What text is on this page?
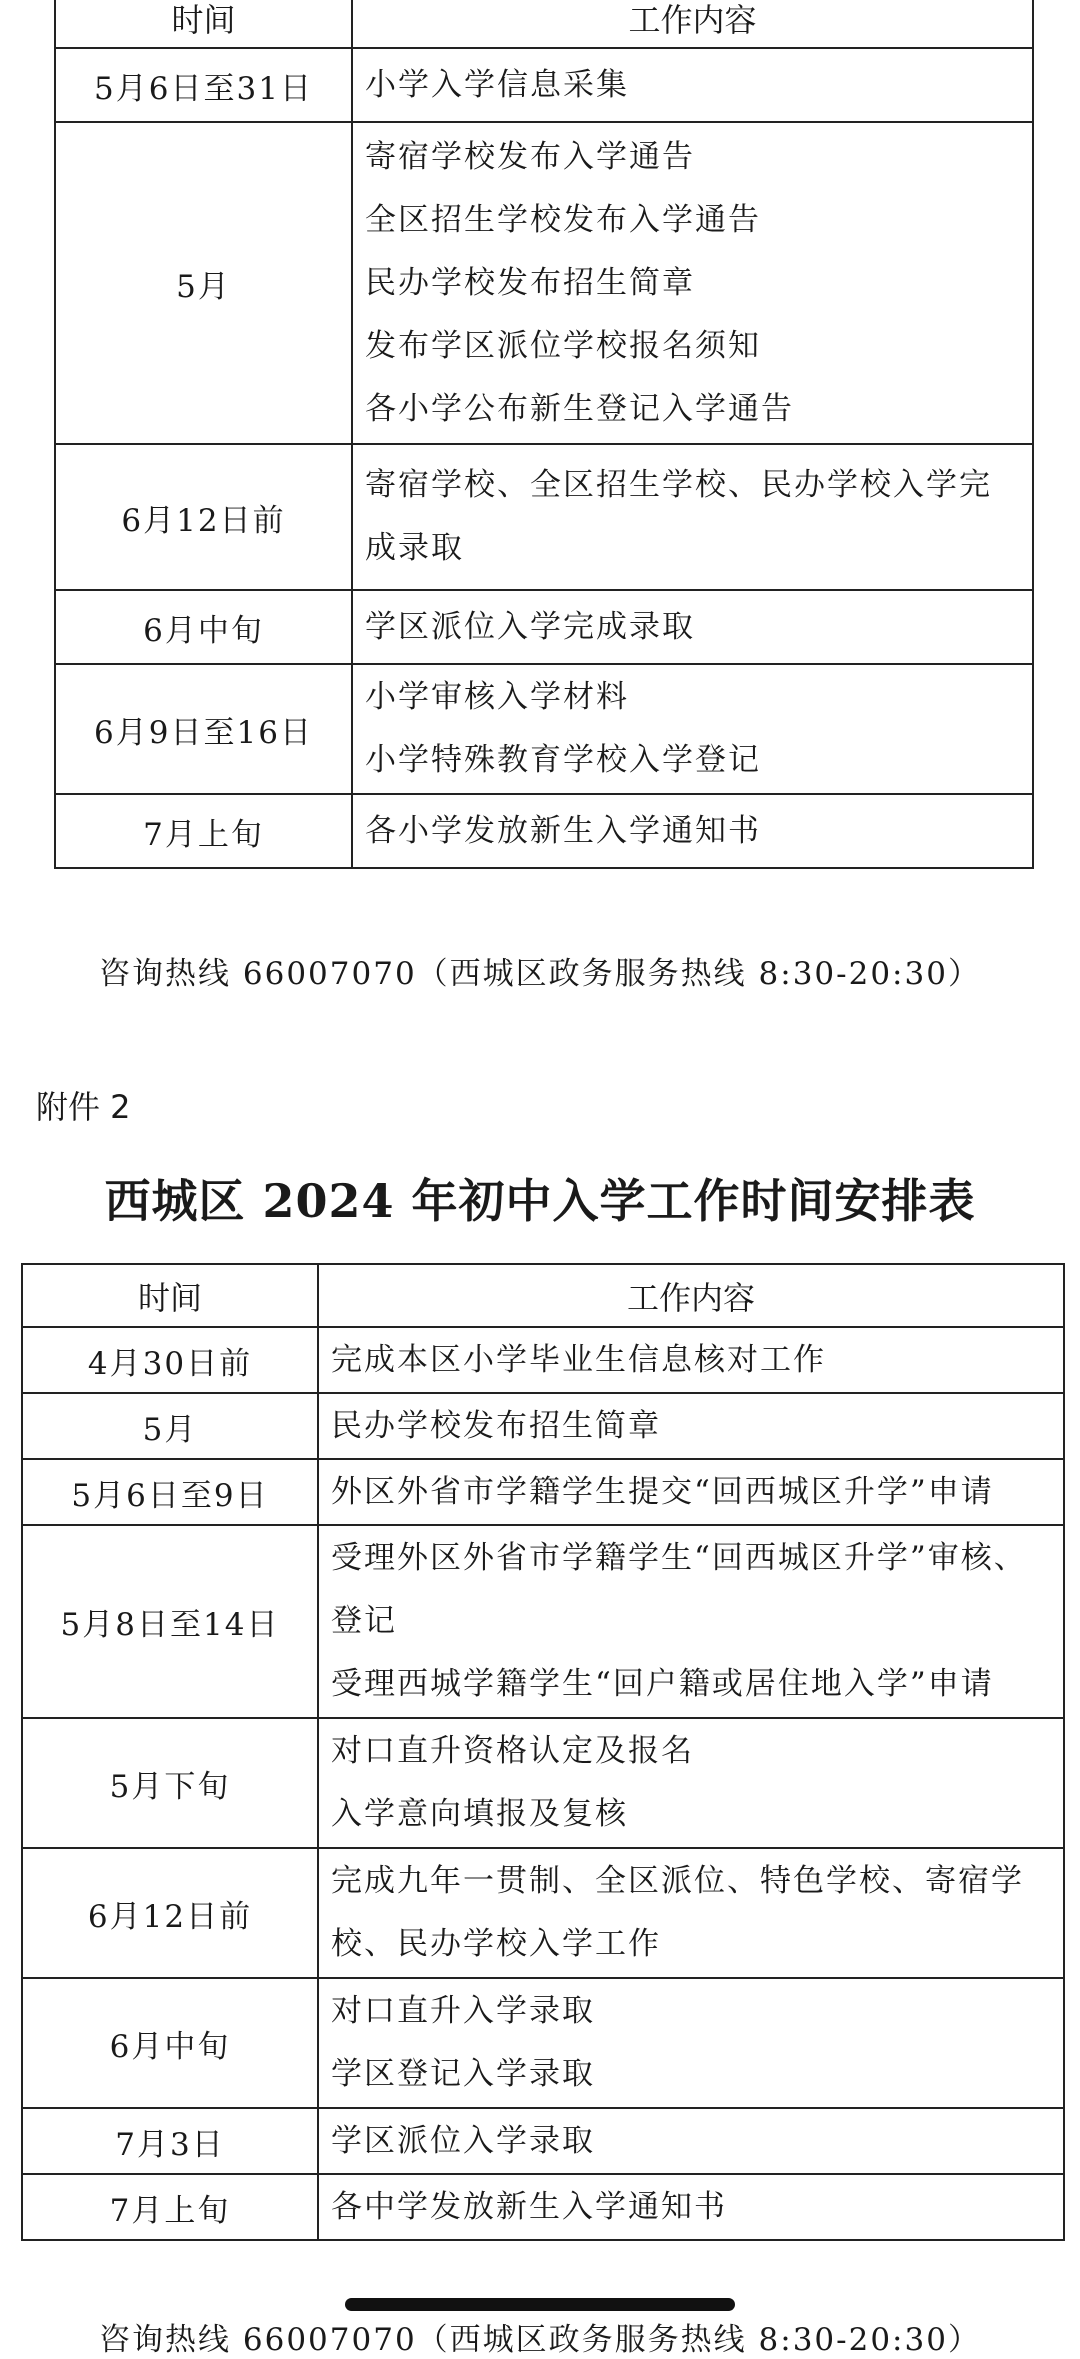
时间	工作内容
5月6日至31日	小学入学信息采集

5月	寄宿学校发布入学通告
全区招生学校发布入学通告
民办学校发布招生简章
发布学区派位学校报名须知
各小学公布新生登记入学通告

6月12日前	寄宿学校、全区招生学校、民办学校入学完
成录取

6月中旬	学区派位入学完成录取

6月9日至16日	小学审核入学材料
小学特殊教育学校入学登记

7月上旬	各小学发放新生入学通知书
咨询热线 66007070（西城区政务服务热线 8:30-20:30）
附件 2
西城区 2024 年初中入学工作时间安排表
时间	工作内容
4月30日前	完成本区小学毕业生信息核对工作

5月	民办学校发布招生简章

5月6日至9日	外区外省市学籍学生提交“回西城区升学”申请

5月8日至14日	受理外区外省市学籍学生“回西城区升学”审核、
登记
受理西城学籍学生“回户籍或居住地入学”申请

5月下旬	对口直升资格认定及报名
入学意向填报及复核

6月12日前	完成九年一贯制、全区派位、特色学校、寄宿学
校、民办学校入学工作

6月中旬	对口直升入学录取
学区登记入学录取

7月3日	学区派位入学录取

7月上旬	各中学发放新生入学通知书
咨询热线 66007070（西城区政务服务热线 8:30-20:30）
